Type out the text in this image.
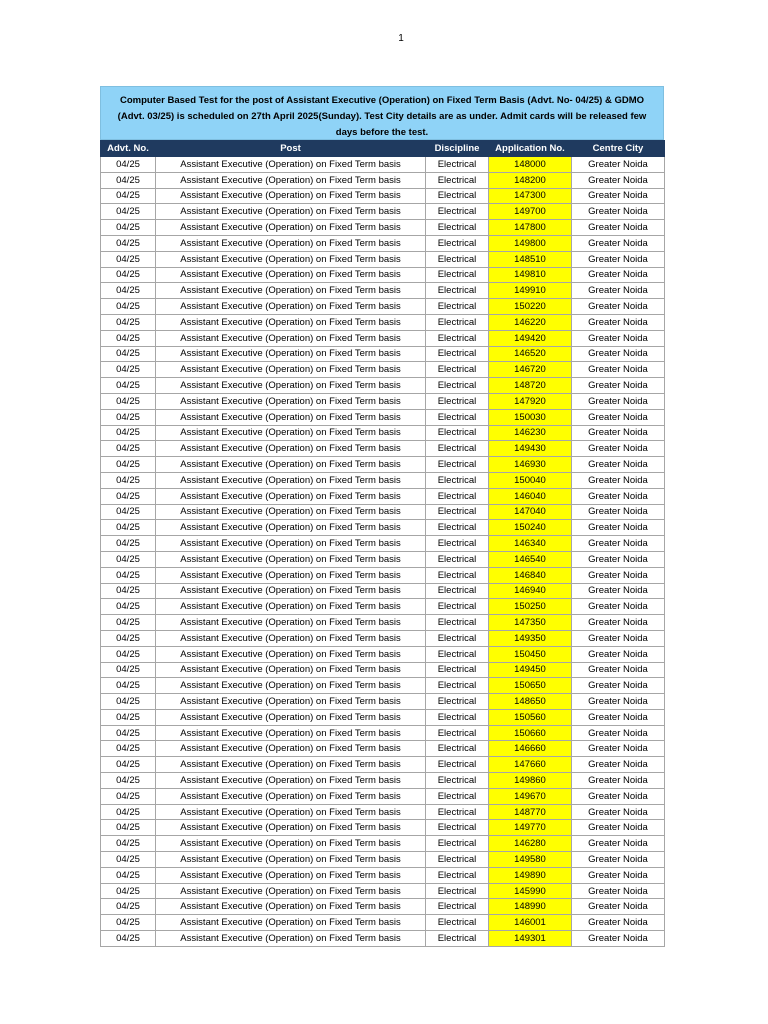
1
Computer Based Test for the post of Assistant Executive (Operation) on Fixed Term Basis (Advt. No- 04/25) & GDMO (Advt. 03/25) is scheduled on 27th April 2025(Sunday). Test City details are as under. Admit cards will be released few days before the test.
Advt. No.	Post	Discipline	Application No.	Centre City
04/25	Assistant Executive (Operation) on Fixed Term basis	Electrical	148000	Greater Noida
04/25	Assistant Executive (Operation) on Fixed Term basis	Electrical	148200	Greater Noida
04/25	Assistant Executive (Operation) on Fixed Term basis	Electrical	147300	Greater Noida
04/25	Assistant Executive (Operation) on Fixed Term basis	Electrical	149700	Greater Noida
04/25	Assistant Executive (Operation) on Fixed Term basis	Electrical	147800	Greater Noida
04/25	Assistant Executive (Operation) on Fixed Term basis	Electrical	149800	Greater Noida
04/25	Assistant Executive (Operation) on Fixed Term basis	Electrical	148510	Greater Noida
04/25	Assistant Executive (Operation) on Fixed Term basis	Electrical	149810	Greater Noida
04/25	Assistant Executive (Operation) on Fixed Term basis	Electrical	149910	Greater Noida
04/25	Assistant Executive (Operation) on Fixed Term basis	Electrical	150220	Greater Noida
04/25	Assistant Executive (Operation) on Fixed Term basis	Electrical	146220	Greater Noida
04/25	Assistant Executive (Operation) on Fixed Term basis	Electrical	149420	Greater Noida
04/25	Assistant Executive (Operation) on Fixed Term basis	Electrical	146520	Greater Noida
04/25	Assistant Executive (Operation) on Fixed Term basis	Electrical	146720	Greater Noida
04/25	Assistant Executive (Operation) on Fixed Term basis	Electrical	148720	Greater Noida
04/25	Assistant Executive (Operation) on Fixed Term basis	Electrical	147920	Greater Noida
04/25	Assistant Executive (Operation) on Fixed Term basis	Electrical	150030	Greater Noida
04/25	Assistant Executive (Operation) on Fixed Term basis	Electrical	146230	Greater Noida
04/25	Assistant Executive (Operation) on Fixed Term basis	Electrical	149430	Greater Noida
04/25	Assistant Executive (Operation) on Fixed Term basis	Electrical	146930	Greater Noida
04/25	Assistant Executive (Operation) on Fixed Term basis	Electrical	150040	Greater Noida
04/25	Assistant Executive (Operation) on Fixed Term basis	Electrical	146040	Greater Noida
04/25	Assistant Executive (Operation) on Fixed Term basis	Electrical	147040	Greater Noida
04/25	Assistant Executive (Operation) on Fixed Term basis	Electrical	150240	Greater Noida
04/25	Assistant Executive (Operation) on Fixed Term basis	Electrical	146340	Greater Noida
04/25	Assistant Executive (Operation) on Fixed Term basis	Electrical	146540	Greater Noida
04/25	Assistant Executive (Operation) on Fixed Term basis	Electrical	146840	Greater Noida
04/25	Assistant Executive (Operation) on Fixed Term basis	Electrical	146940	Greater Noida
04/25	Assistant Executive (Operation) on Fixed Term basis	Electrical	150250	Greater Noida
04/25	Assistant Executive (Operation) on Fixed Term basis	Electrical	147350	Greater Noida
04/25	Assistant Executive (Operation) on Fixed Term basis	Electrical	149350	Greater Noida
04/25	Assistant Executive (Operation) on Fixed Term basis	Electrical	150450	Greater Noida
04/25	Assistant Executive (Operation) on Fixed Term basis	Electrical	149450	Greater Noida
04/25	Assistant Executive (Operation) on Fixed Term basis	Electrical	150650	Greater Noida
04/25	Assistant Executive (Operation) on Fixed Term basis	Electrical	148650	Greater Noida
04/25	Assistant Executive (Operation) on Fixed Term basis	Electrical	150560	Greater Noida
04/25	Assistant Executive (Operation) on Fixed Term basis	Electrical	150660	Greater Noida
04/25	Assistant Executive (Operation) on Fixed Term basis	Electrical	146660	Greater Noida
04/25	Assistant Executive (Operation) on Fixed Term basis	Electrical	147660	Greater Noida
04/25	Assistant Executive (Operation) on Fixed Term basis	Electrical	149860	Greater Noida
04/25	Assistant Executive (Operation) on Fixed Term basis	Electrical	149670	Greater Noida
04/25	Assistant Executive (Operation) on Fixed Term basis	Electrical	148770	Greater Noida
04/25	Assistant Executive (Operation) on Fixed Term basis	Electrical	149770	Greater Noida
04/25	Assistant Executive (Operation) on Fixed Term basis	Electrical	146280	Greater Noida
04/25	Assistant Executive (Operation) on Fixed Term basis	Electrical	149580	Greater Noida
04/25	Assistant Executive (Operation) on Fixed Term basis	Electrical	149890	Greater Noida
04/25	Assistant Executive (Operation) on Fixed Term basis	Electrical	145990	Greater Noida
04/25	Assistant Executive (Operation) on Fixed Term basis	Electrical	148990	Greater Noida
04/25	Assistant Executive (Operation) on Fixed Term basis	Electrical	146001	Greater Noida
04/25	Assistant Executive (Operation) on Fixed Term basis	Electrical	149301	Greater Noida
